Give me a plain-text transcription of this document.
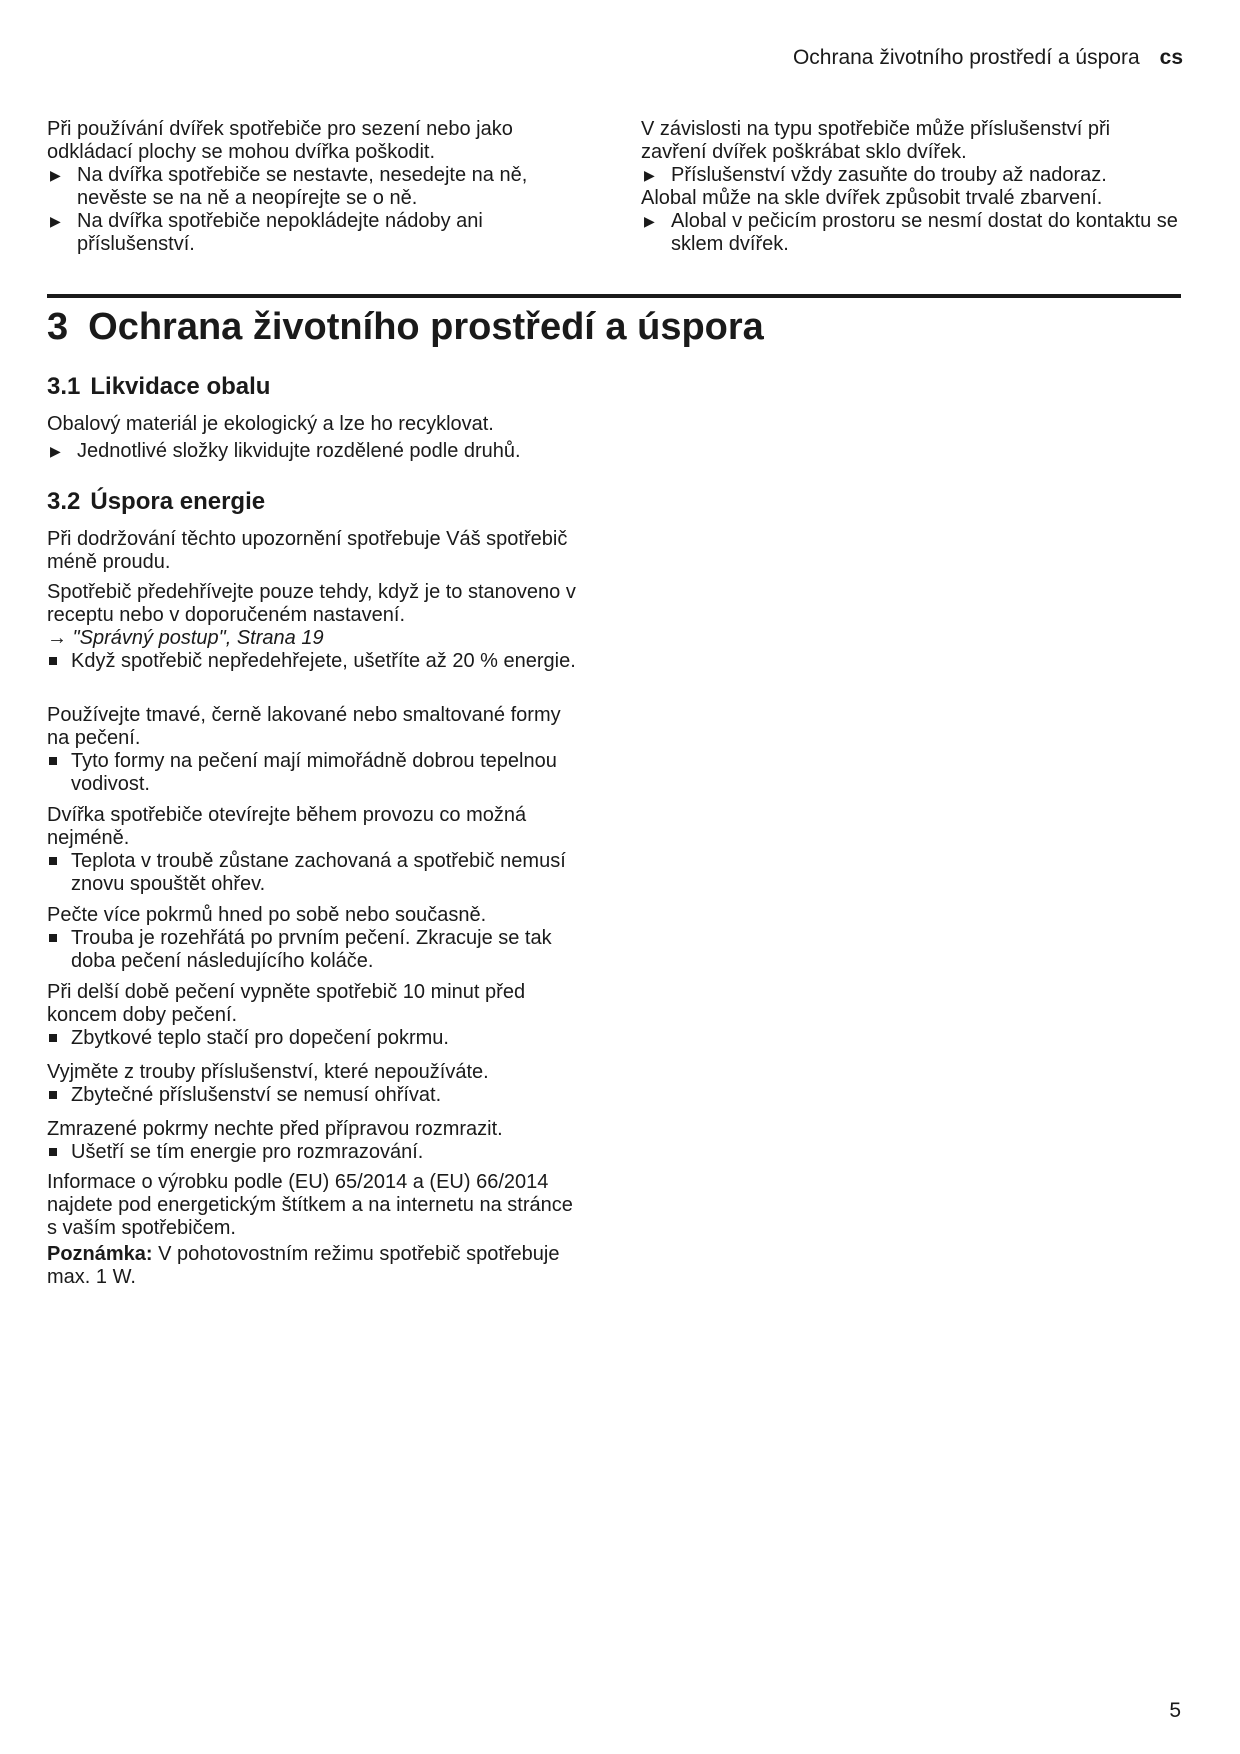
Ochrana životního prostředí a úspora cs

Při používání dvířek spotřebiče pro sezení nebo jako odkládací plochy se mohou dvířka poškodit.

▶ Na dvířka spotřebiče se nestavte, nesedejte na ně, nevěste se na ně a neopírejte se o ně.

▶ Na dvířka spotřebiče nepokládejte nádoby ani příslušenství.

V závislosti na typu spotřebiče může příslušenství při zavření dvířek poškrábat sklo dvířek.

▶ Příslušenství vždy zasuňte do trouby až nadoraz.

Alobal může na skle dvířek způsobit trvalé zbarvení.

▶ Alobal v pečicím prostoru se nesmí dostat do kontaktu se sklem dvířek.

3 Ochrana životního prostředí a úspora
3.1 Likvidace obalu

Obalový materiál je ekologický a lze ho recyklovat.

▶ Jednotlivé složky likvidujte rozdělené podle druhů.

3.2 Úspora energie

Při dodržování těchto upozornění spotřebuje Váš spotřebič méně proudu.

Spotřebič předehřívejte pouze tehdy, když je to stanoveno v receptu nebo v doporučeném nastavení.

→ "Správný postup", Strana 19

Když spotřebič nepředehřejete, ušetříte až 20 % energie.

Používejte tmavé, černě lakované nebo smaltované formy na pečení.

Tyto formy na pečení mají mimořádně dobrou tepelnou vodivost.

Dvířka spotřebiče otevírejte během provozu co možná nejméně.

Teplota v troubě zůstane zachovaná a spotřebič nemusí znovu spouštět ohřev.

Pečte více pokrmů hned po sobě nebo současně.

Trouba je rozehřátá po prvním pečení. Zkracuje se tak doba pečení následujícího koláče.

Při delší době pečení vypněte spotřebič 10 minut před koncem doby pečení.

Zbytkové teplo stačí pro dopečení pokrmu.

Vyjměte z trouby příslušenství, které nepoužíváte.

Zbytečné příslušenství se nemusí ohřívat.

Zmrazené pokrmy nechte před přípravou rozmrazit.

Ušetří se tím energie pro rozmrazování.

Informace o výrobku podle (EU) 65/2014 a (EU) 66/2014 najdete pod energetickým štítkem a na internetu na stránce s vaším spotřebičem.

Poznámka: V pohotovostním režimu spotřebič spotřebuje max. 1 W.

5
